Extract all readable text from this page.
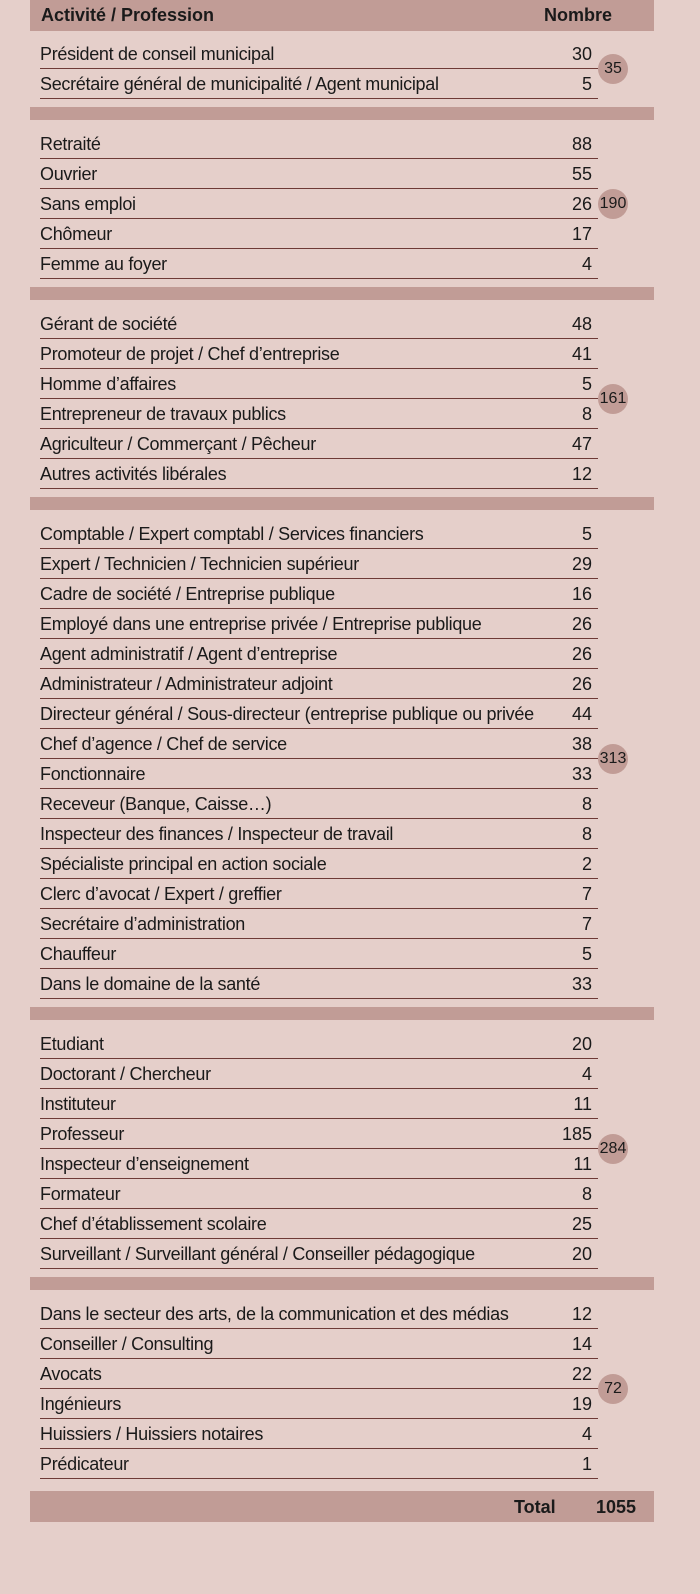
Activité / Profession	Nombre
Président de conseil municipal	30
Secrétaire général de municipalité / Agent municipal	5
35
Retraité	88
Ouvrier	55
Sans emploi	26
Chômeur	17
Femme au foyer	4
190
Gérant de société	48
Promoteur de projet / Chef d’entreprise	41
Homme d’affaires	5
Entrepreneur de travaux publics	8
Agriculteur / Commerçant / Pêcheur	47
Autres activités libérales	12
161
Comptable / Expert comptabl / Services financiers	5
Expert / Technicien / Technicien supérieur	29
Cadre de société / Entreprise publique	16
Employé dans une entreprise privée / Entreprise publique	26
Agent administratif / Agent d’entreprise	26
Administrateur / Administrateur adjoint	26
Directeur général / Sous-directeur (entreprise publique ou privée 44
Chef d’agence / Chef de service	38
Fonctionnaire	33
Receveur (Banque, Caisse…)	8
Inspecteur des finances / Inspecteur de travail	8
Spécialiste principal en action sociale	2
Clerc d’avocat / Expert / greffier	7
Secrétaire d’administration	7
Chauffeur	5
Dans le domaine de la santé	33
313
Etudiant	20
Doctorant / Chercheur	4
Instituteur	11
Professeur	185
Inspecteur d’enseignement	11
Formateur	8
Chef d’établissement scolaire	25
Surveillant / Surveillant général / Conseiller pédagogique	20
284
Dans le secteur des arts, de la communication et des médias	12
Conseiller / Consulting	14
Avocats	22
Ingénieurs	19
Huissiers / Huissiers notaires	4
Prédicateur	1
72
Total 1055
